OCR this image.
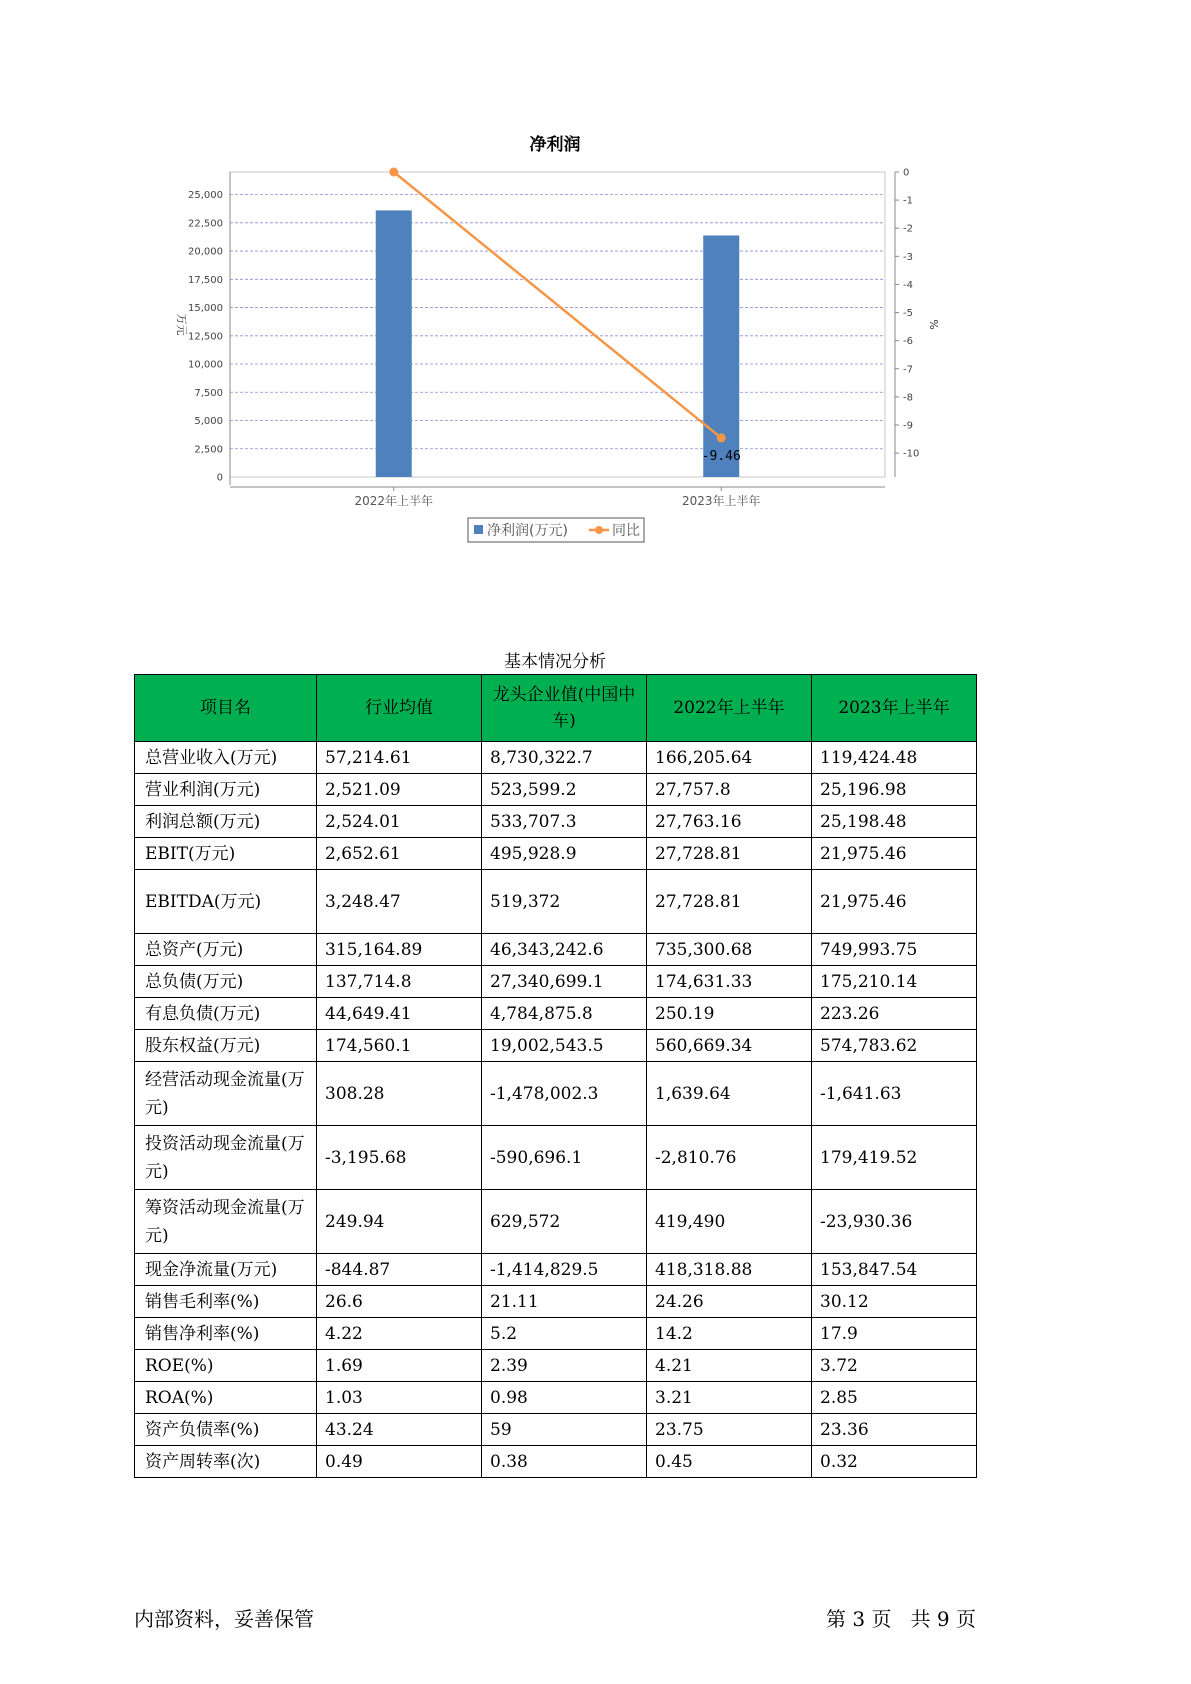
净利润
0
2,500
5,000
7,500
10,000
12,500
15,000
17,500
20,000
22,500
25,000
0
-1
-2
-3
-4
-5
-6
-7
-8
-9
-10
万元	%
2022年上半年	2023年上半年
-9.46
净利润(万元)	同比
基本情况分析
项目名	行业均值	龙头企业值(中国中车)	2022年上半年	2023年上半年
总营业收入(万元)	57,214.61	8,730,322.7	166,205.64	119,424.48
营业利润(万元)	2,521.09	523,599.2	27,757.8	25,196.98
利润总额(万元)	2,524.01	533,707.3	27,763.16	25,198.48
EBIT(万元)	2,652.61	495,928.9	27,728.81	21,975.46
EBITDA(万元)	3,248.47	519,372	27,728.81	21,975.46
总资产(万元)	315,164.89	46,343,242.6	735,300.68	749,993.75
总负债(万元)	137,714.8	27,340,699.1	174,631.33	175,210.14
有息负债(万元)	44,649.41	4,784,875.8	250.19	223.26
股东权益(万元)	174,560.1	19,002,543.5	560,669.34	574,783.62
经营活动现金流量(万元)	308.28	-1,478,002.3	1,639.64	-1,641.63
投资活动现金流量(万元)	-3,195.68	-590,696.1	-2,810.76	179,419.52
筹资活动现金流量(万元)	249.94	629,572	419,490	-23,930.36
现金净流量(万元)	-844.87	-1,414,829.5	418,318.88	153,847.54
销售毛利率(%)	26.6	21.11	24.26	30.12
销售净利率(%)	4.22	5.2	14.2	17.9
ROE(%)	1.69	2.39	4.21	3.72
ROA(%)	1.03	0.98	3.21	2.85
资产负债率(%)	43.24	59	23.75	23.36
资产周转率(次)	0.49	0.38	0.45	0.32
内部资料，妥善保管	第 3 页   共 9 页
